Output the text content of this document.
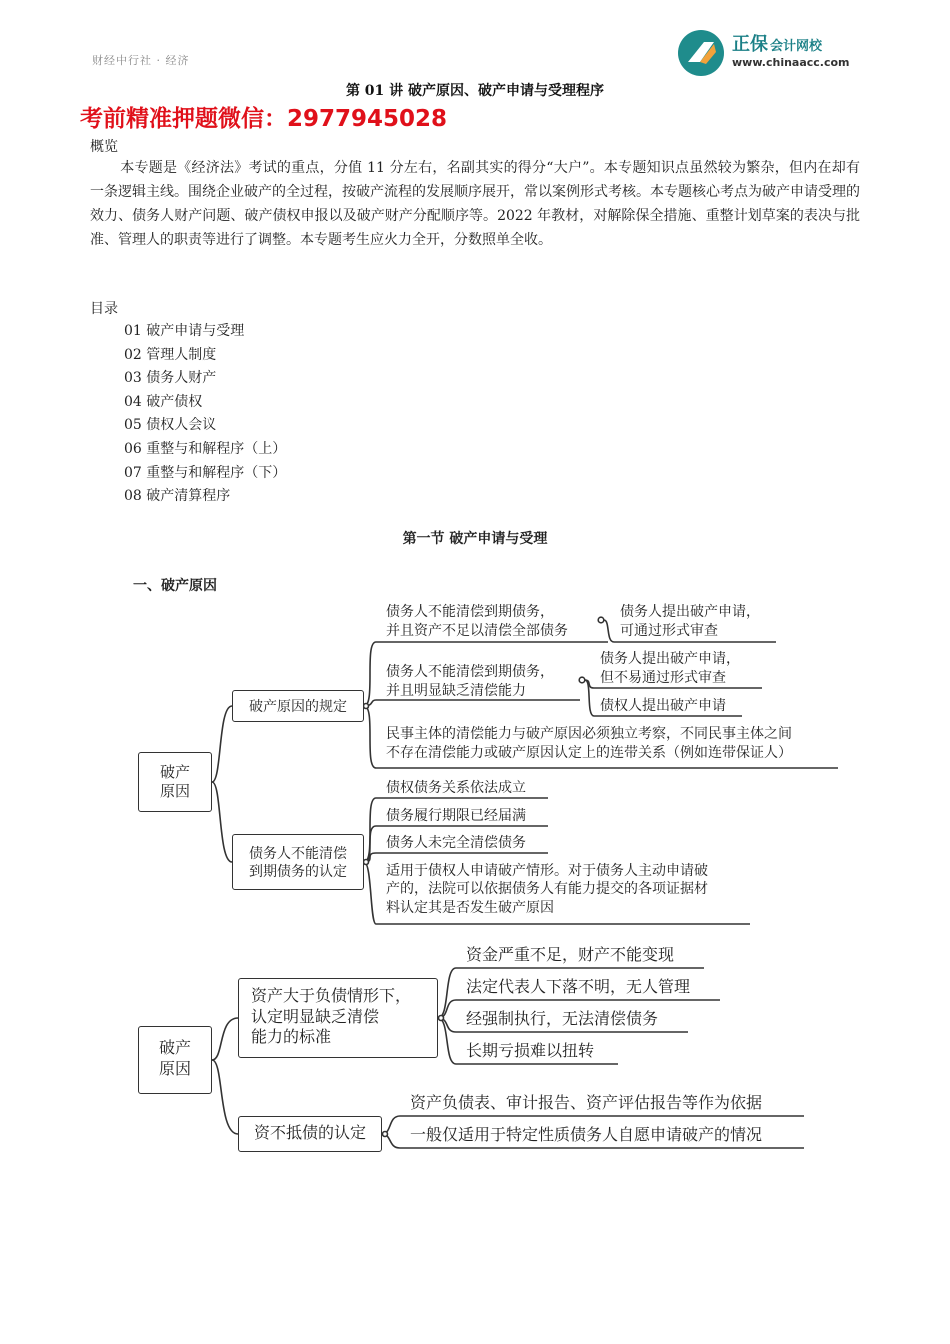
财经中行社 · 经济
正保 会计网校
www.chinaacc.com
第 01 讲 破产原因、破产申请与受理程序
考前精准押题微信：2977945028
概览
本专题是《经济法》考试的重点，分值 11 分左右，名副其实的得分“大户”。本专题知识点虽然较为繁杂，但内在却有一条逻辑主线。围绕企业破产的全过程，按破产流程的发展顺序展开，常以案例形式考核。本专题核心考点为破产申请受理的效力、债务人财产问题、破产债权申报以及破产财产分配顺序等。2022 年教材，对解除保全措施、重整计划草案的表决与批准、管理人的职责等进行了调整。本专题考生应火力全开，分数照单全收。
目录
01 破产申请与受理
02 管理人制度
03 债务人财产
04 破产债权
05 债权人会议
06 重整与和解程序（上）
07 重整与和解程序（下）
08 破产清算程序
第一节 破产申请与受理
一、破产原因
破产
原因
破产原因的规定
债务人不能清偿
到期债务的认定
债务人不能清偿到期债务，
并且资产不足以清偿全部债务
债务人提出破产申请，
可通过形式审查
债务人不能清偿到期债务，
并且明显缺乏清偿能力
债务人提出破产申请，
但不易通过形式审查
债权人提出破产申请
民事主体的清偿能力与破产原因必须独立考察，不同民事主体之间
不存在清偿能力或破产原因认定上的连带关系（例如连带保证人）
债权债务关系依法成立
债务履行期限已经届满
债务人未完全清偿债务
适用于债权人申请破产情形。对于债务人主动申请破
产的，法院可以依据债务人有能力提交的各项证据材
料认定其是否发生破产原因
破产
原因
资产大于负债情形下，
认定明显缺乏清偿
能力的标准
资不抵债的认定
资金严重不足，财产不能变现
法定代表人下落不明，无人管理
经强制执行，无法清偿债务
长期亏损难以扭转
资产负债表、审计报告、资产评估报告等作为依据
一般仅适用于特定性质债务人自愿申请破产的情况
